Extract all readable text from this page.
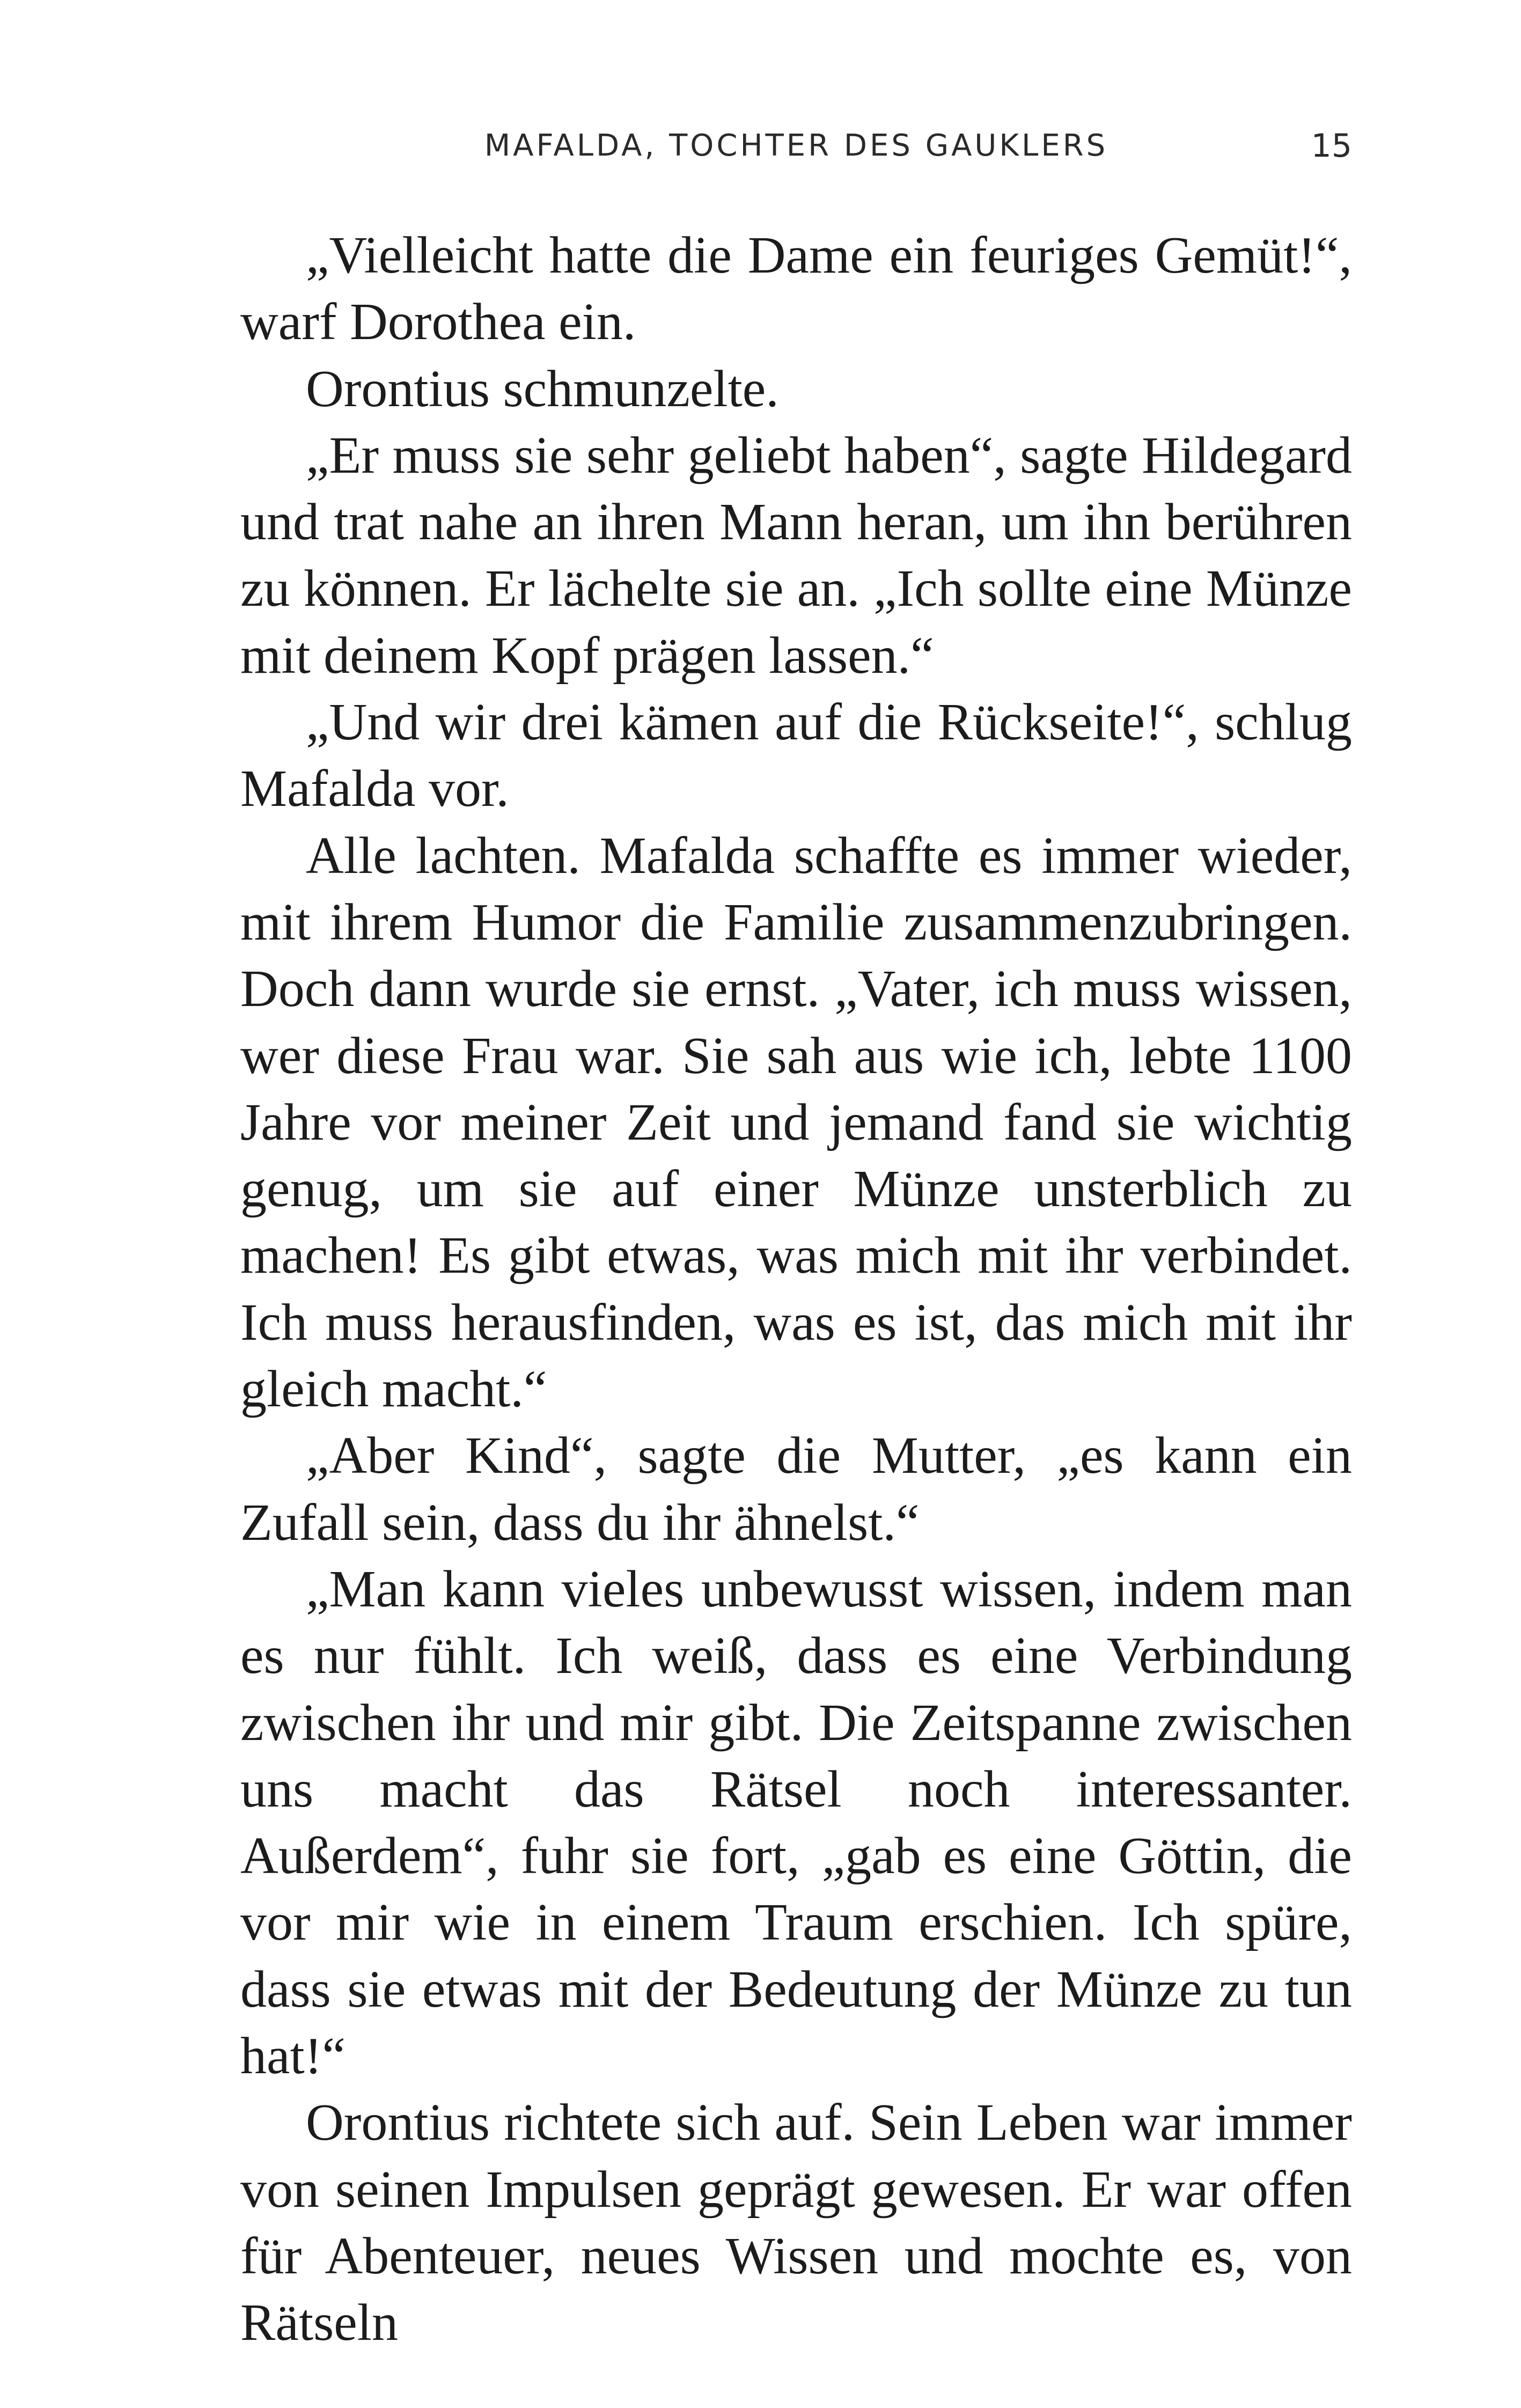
MAFALDA, TOCHTER DES GAUKLERS	15

„Vielleicht hatte die Dame ein feuriges Gemüt!“, warf Dorothea ein.

Orontius schmunzelte.

„Er muss sie sehr geliebt haben“, sagte Hildegard und trat nahe an ihren Mann heran, um ihn berühren zu können. Er lächelte sie an. „Ich sollte eine Münze mit deinem Kopf prägen lassen.“

„Und wir drei kämen auf die Rückseite!“, schlug Mafalda vor.

Alle lachten. Mafalda schaffte es immer wieder, mit ihrem Humor die Familie zusammenzubringen. Doch dann wurde sie ernst. „Vater, ich muss wissen, wer diese Frau war. Sie sah aus wie ich, lebte 1100 Jahre vor meiner Zeit und jemand fand sie wichtig genug, um sie auf einer Münze unsterblich zu machen! Es gibt etwas, was mich mit ihr verbindet. Ich muss herausfinden, was es ist, das mich mit ihr gleich macht.“

„Aber Kind“, sagte die Mutter, „es kann ein Zufall sein, dass du ihr ähnelst.“

„Man kann vieles unbewusst wissen, indem man es nur fühlt. Ich weiß, dass es eine Verbindung zwischen ihr und mir gibt. Die Zeitspanne zwischen uns macht das Rätsel noch interessanter. Außerdem“, fuhr sie fort, „gab es eine Göttin, die vor mir wie in einem Traum erschien. Ich spüre, dass sie etwas mit der Bedeutung der Münze zu tun hat!“

Orontius richtete sich auf. Sein Leben war immer von seinen Impulsen geprägt gewesen. Er war offen für Abenteuer, neues Wissen und mochte es, von Rätseln
